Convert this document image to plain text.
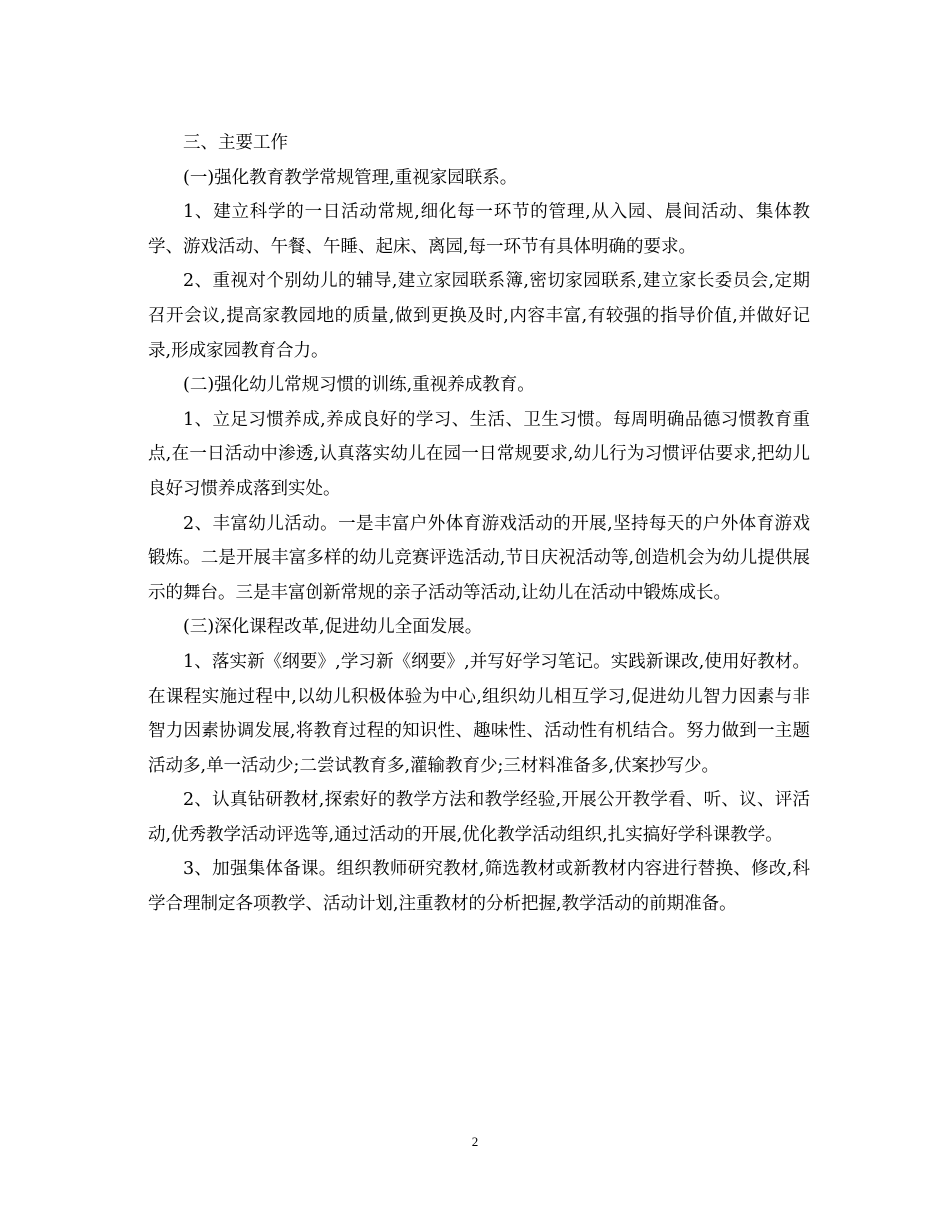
三、主要工作

(一)强化教育教学常规管理,重视家园联系。

1、建立科学的一日活动常规,细化每一环节的管理,从入园、晨间活动、集体教学、游戏活动、午餐、午睡、起床、离园,每一环节有具体明确的要求。

2、重视对个别幼儿的辅导,建立家园联系簿,密切家园联系,建立家长委员会,定期召开会议,提高家教园地的质量,做到更换及时,内容丰富,有较强的指导价值,并做好记录,形成家园教育合力。

(二)强化幼儿常规习惯的训练,重视养成教育。

1、立足习惯养成,养成良好的学习、生活、卫生习惯。每周明确品德习惯教育重点,在一日活动中渗透,认真落实幼儿在园一日常规要求,幼儿行为习惯评估要求,把幼儿良好习惯养成落到实处。

2、丰富幼儿活动。一是丰富户外体育游戏活动的开展,坚持每天的户外体育游戏锻炼。二是开展丰富多样的幼儿竞赛评选活动,节日庆祝活动等,创造机会为幼儿提供展示的舞台。三是丰富创新常规的亲子活动等活动,让幼儿在活动中锻炼成长。

(三)深化课程改革,促进幼儿全面发展。

1、落实新《纲要》,学习新《纲要》,并写好学习笔记。实践新课改,使用好教材。在课程实施过程中,以幼儿积极体验为中心,组织幼儿相互学习,促进幼儿智力因素与非智力因素协调发展,将教育过程的知识性、趣味性、活动性有机结合。努力做到一主题活动多,单一活动少;二尝试教育多,灌输教育少;三材料准备多,伏案抄写少。

2、认真钻研教材,探索好的教学方法和教学经验,开展公开教学看、听、议、评活动,优秀教学活动评选等,通过活动的开展,优化教学活动组织,扎实搞好学科课教学。

3、加强集体备课。组织教师研究教材,筛选教材或新教材内容进行替换、修改,科学合理制定各项教学、活动计划,注重教材的分析把握,教学活动的前期准备。

2
